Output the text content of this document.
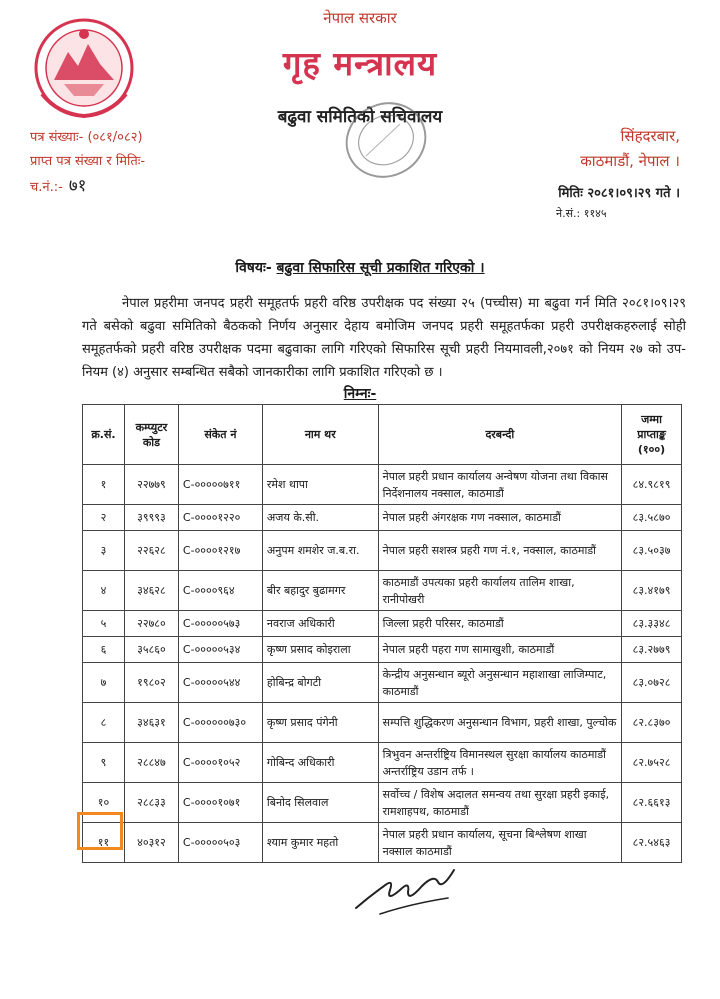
नेपाल सरकार
गृह मन्त्रालय
बढुवा समितिको सचिवालय
पत्र संख्याः- (०८१/०८२)
प्राप्त पत्र संख्या र मितिः-
च.नं.:- ७१
सिंहदरबार,
काठमाडौं, नेपाल ।
मितिः २०८१।०९।२९ गते ।
ने.सं.: ११४५
विषयः- बढुवा सिफारिस सूची प्रकाशित गरिएको ।
नेपाल प्रहरीमा जनपद प्रहरी समूहतर्फ प्रहरी वरिष्ठ उपरीक्षक पद संख्या २५ (पच्चीस) मा बढुवा गर्न मिति २०८१।०९।२९ गते बसेको बढुवा समितिको बैठकको निर्णय अनुसार देहाय बमोजिम जनपद प्रहरी समूहतर्फका प्रहरी उपरीक्षकहरुलाई सोही समूहतर्फको प्रहरी वरिष्ठ उपरीक्षक पदमा बढुवाका लागि गरिएको सिफारिस सूची प्रहरी नियमावली,२०७१ को नियम २७ को उप-नियम (४) अनुसार सम्बन्धित सबैको जानकारीका लागि प्रकाशित गरिएको छ ।
निम्नः-
क्र.सं.	कम्प्युटर कोड	संकेत नं	नाम थर	दरबन्दी	जम्मा प्राप्ताङ्क (१००)
१	२२७७९	C-०००००७११	रमेश थापा	नेपाल प्रहरी प्रधान कार्यालय अन्वेषण योजना तथा विकास निर्देशनालय नक्साल, काठमाडौं	८४.९८१९
२	३९९९३	C-००००१२२०	अजय के.सी.	नेपाल प्रहरी अंगरक्षक गण नक्साल, काठमाडौं	८३.५८७०
३	२२६२८	C-००००१२१७	अनुपम शमशेर ज.ब.रा.	नेपाल प्रहरी सशस्त्र प्रहरी गण नं.१, नक्साल, काठमाडौं	८३.५०३७
४	३४६२८	C-००००९६४	बीर बहादुर बुढामगर	काठमाडौं उपत्यका प्रहरी कार्यालय तालिम शाखा, रानीपोखरी	८३.४१७९
५	२२७८०	C-०००००५७३	नवराज अधिकारी	जिल्ला प्रहरी परिसर, काठमाडौं	८३.३३४८
६	३५८६०	C-०००००५३४	कृष्ण प्रसाद कोइराला	नेपाल प्रहरी पहरा गण सामाखुशी, काठमाडौं	८३.२७७९
७	१९८०२	C-०००००५४४	होबिन्द्र बोगटी	केन्द्रीय अनुसन्धान ब्यूरो अनुसन्धान महाशाखा लाजिम्पाट, काठमाडौं	८३.०७२८
८	३४६३१	C-००००००७३०	कृष्ण प्रसाद पंगेनी	सम्पत्ति शुद्धिकरण अनुसन्धान विभाग, प्रहरी शाखा, पुल्चोक	८२.८३७०
९	२८८४७	C-००००१०५२	गोबिन्द अधिकारी	त्रिभुवन अन्तर्राष्ट्रिय विमानस्थल सुरक्षा कार्यालय काठमाडौं अन्तर्राष्ट्रिय उडान तर्फ ।	८२.७५२८
१०	२८८३३	C-००००१०७१	बिनोद सिलवाल	सर्वोच्च / विशेष अदालत समन्वय तथा सुरक्षा प्रहरी इकाई, रामशाहपथ, काठमाडौं	८२.६६१३
११	४०३१२	C-०००००५०३	श्याम कुमार महतो	नेपाल प्रहरी प्रधान कार्यालय, सूचना बिश्लेषण शाखा नक्साल काठमाडौं	८२.५४६३
